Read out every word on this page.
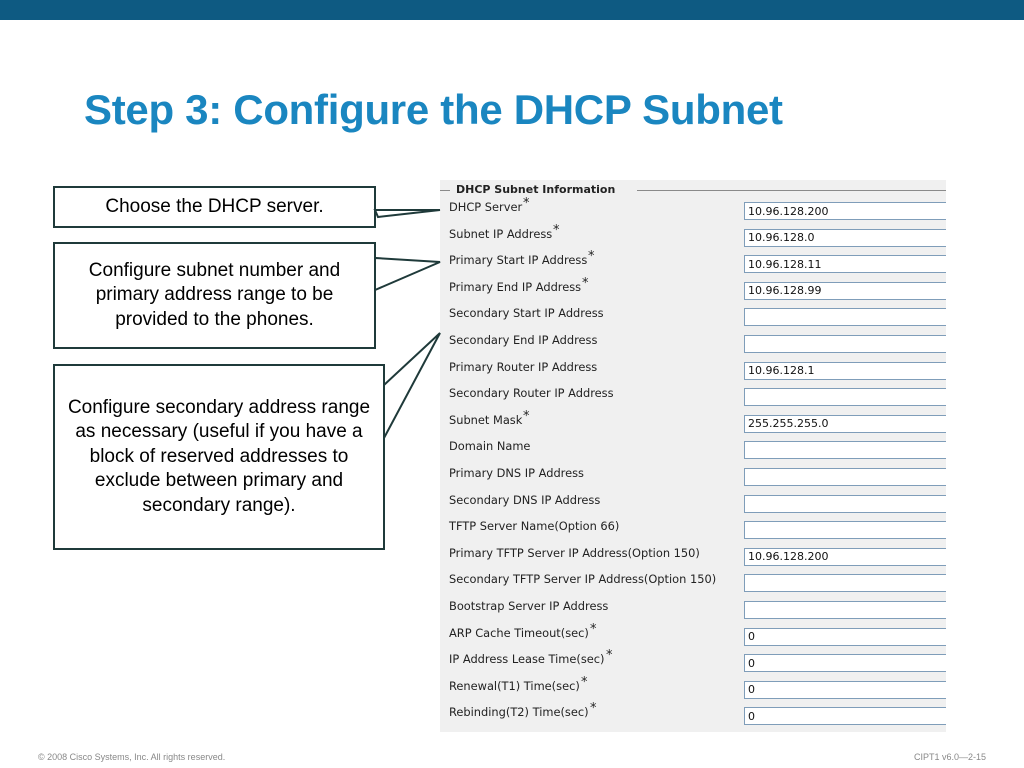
Step 3: Configure the DHCP Subnet
Choose the DHCP server.
Configure subnet number and primary address range to be provided to the phones.
Configure secondary address range as necessary (useful if you have a block of reserved addresses to exclude between primary and secondary range).
DHCP Subnet Information
DHCP Server *
10.96.128.200
Subnet IP Address *
10.96.128.0
Primary Start IP Address *
10.96.128.11
Primary End IP Address *
10.96.128.99
Secondary Start IP Address
Secondary End IP Address
Primary Router IP Address
10.96.128.1
Secondary Router IP Address
Subnet Mask *
255.255.255.0
Domain Name
Primary DNS IP Address
Secondary DNS IP Address
TFTP Server Name(Option 66)
Primary TFTP Server IP Address(Option 150)
10.96.128.200
Secondary TFTP Server IP Address(Option 150)
Bootstrap Server IP Address
ARP Cache Timeout(sec) *
0
IP Address Lease Time(sec) *
0
Renewal(T1) Time(sec) *
0
Rebinding(T2) Time(sec) *
0
© 2008 Cisco Systems, Inc. All rights reserved.	CIPT1 v6.0—2-15
